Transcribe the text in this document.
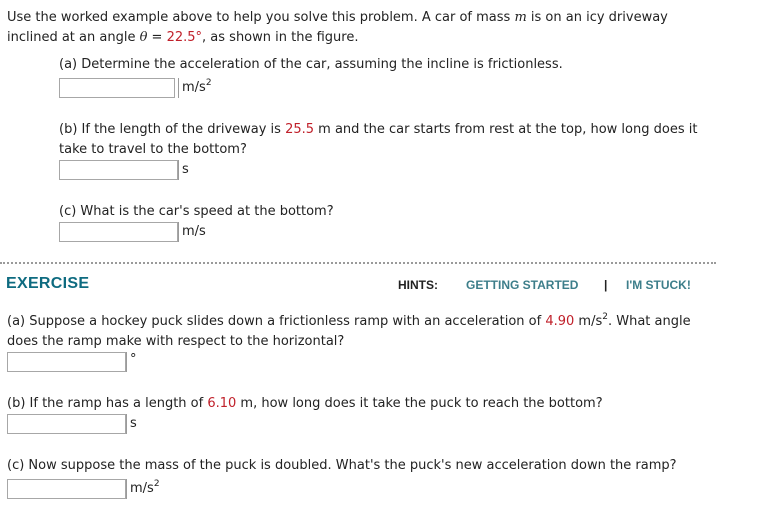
Use the worked example above to help you solve this problem. A car of mass m is on an icy driveway
inclined at an angle θ = 22.5°, as shown in the figure.
(a) Determine the acceleration of the car, assuming the incline is frictionless.
$m/s^2$
(b) If the length of the driveway is 25.5 m and the car starts from rest at the top, how long does it
take to travel to the bottom?
s
(c) What is the car's speed at the bottom?
m/s
EXERCISE	HINTS: GETTING STARTED | I'M STUCK!
(a) Suppose a hockey puck slides down a frictionless ramp with an acceleration of 4.90 $m/s^2$. What angle
does the ramp make with respect to the horizontal?
°
(b) If the ramp has a length of 6.10 m, how long does it take the puck to reach the bottom?
s
(c) Now suppose the mass of the puck is doubled. What's the puck's new acceleration down the ramp?
$m/s^2$
